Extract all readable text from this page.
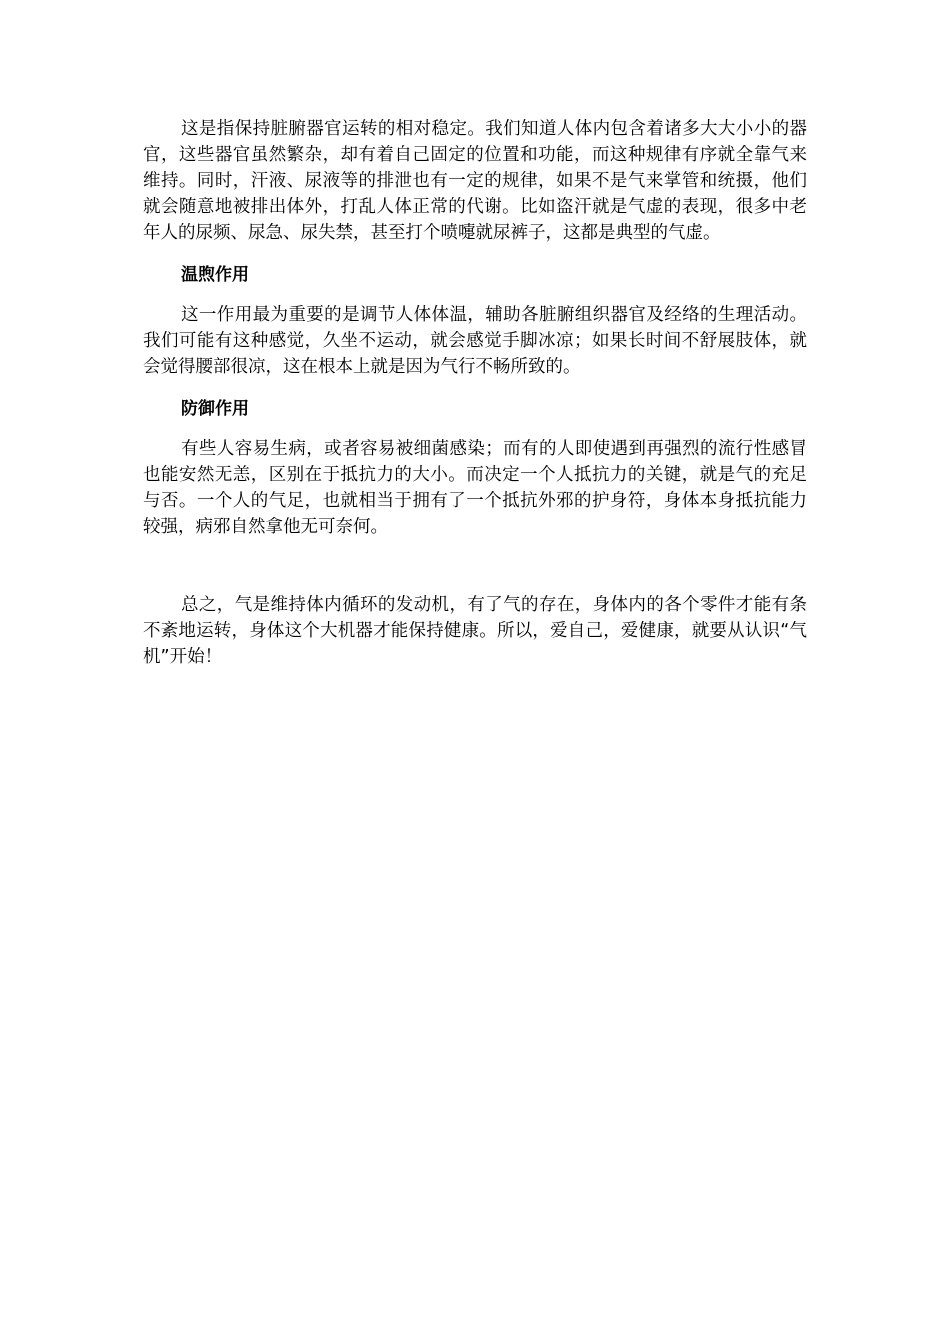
这是指保持脏腑器官运转的相对稳定。我们知道人体内包含着诸多大大小小的器官，这些器官虽然繁杂，却有着自己固定的位置和功能，而这种规律有序就全靠气来维持。同时，汗液、尿液等的排泄也有一定的规律，如果不是气来掌管和统摄，他们就会随意地被排出体外，打乱人体正常的代谢。比如盗汗就是气虚的表现，很多中老年人的尿频、尿急、尿失禁，甚至打个喷嚏就尿裤子，这都是典型的气虚。

温煦作用

这一作用最为重要的是调节人体体温，辅助各脏腑组织器官及经络的生理活动。我们可能有这种感觉，久坐不运动，就会感觉手脚冰凉；如果长时间不舒展肢体，就会觉得腰部很凉，这在根本上就是因为气行不畅所致的。

防御作用

有些人容易生病，或者容易被细菌感染；而有的人即使遇到再强烈的流行性感冒也能安然无恙，区别在于抵抗力的大小。而决定一个人抵抗力的关键，就是气的充足与否。一个人的气足，也就相当于拥有了一个抵抗外邪的护身符，身体本身抵抗能力较强，病邪自然拿他无可奈何。

总之，气是维持体内循环的发动机，有了气的存在，身体内的各个零件才能有条不紊地运转，身体这个大机器才能保持健康。所以，爱自己，爱健康，就要从认识“气机”开始！
